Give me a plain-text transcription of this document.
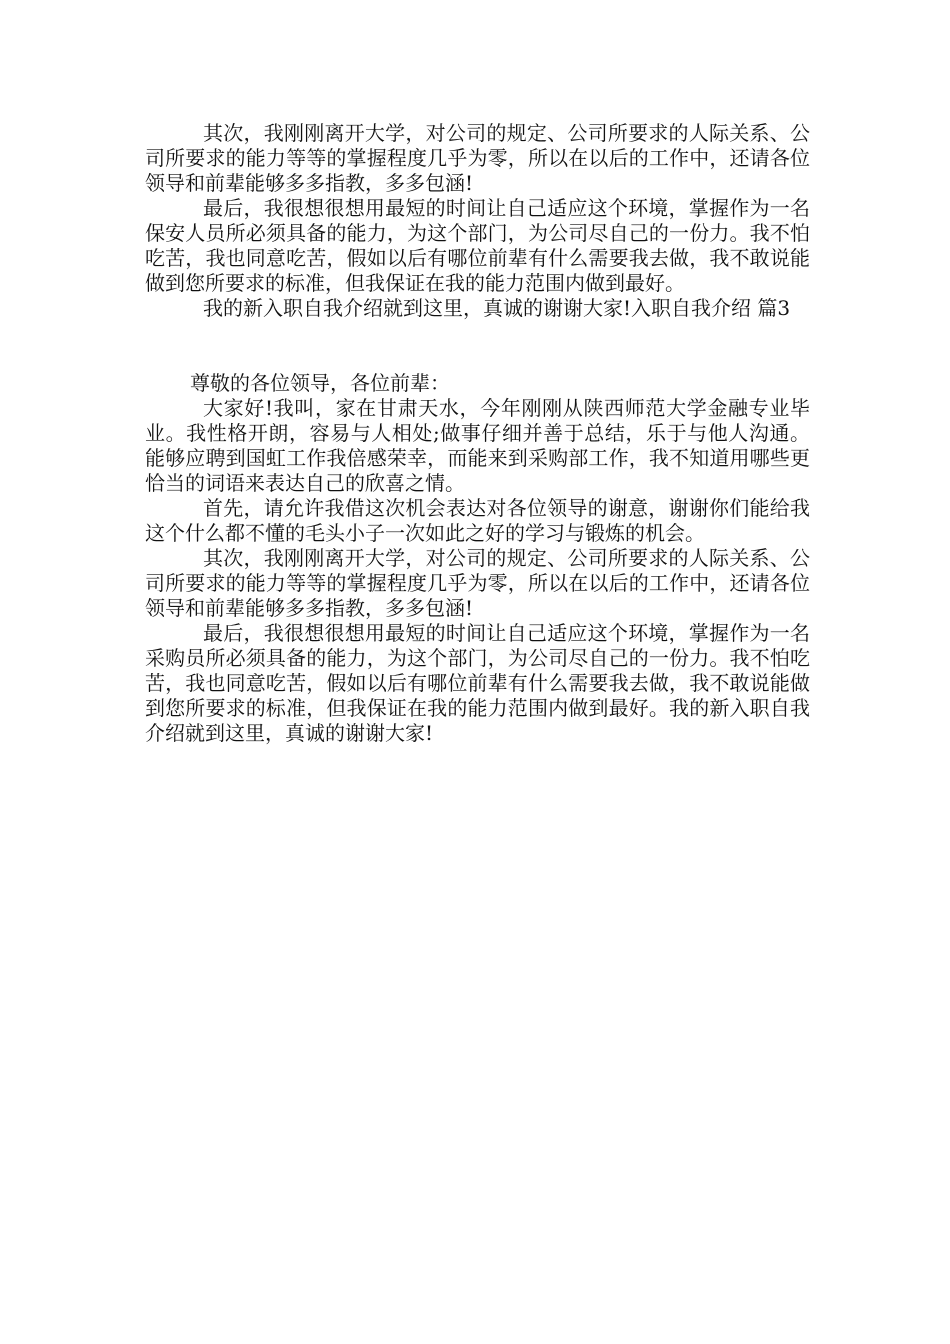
其次，我刚刚离开大学，对公司的规定、公司所要求的人际关系、公司所要求的能力等等的掌握程度几乎为零，所以在以后的工作中，还请各位领导和前辈能够多多指教，多多包涵!

最后，我很想很想用最短的时间让自己适应这个环境，掌握作为一名保安人员所必须具备的能力，为这个部门，为公司尽自己的一份力。我不怕吃苦，我也同意吃苦，假如以后有哪位前辈有什么需要我去做，我不敢说能做到您所要求的标准，但我保证在我的能力范围内做到最好。

我的新入职自我介绍就到这里，真诚的谢谢大家!入职自我介绍 篇3

尊敬的各位领导，各位前辈：

大家好!我叫，家在甘肃天水，今年刚刚从陕西师范大学金融专业毕业。我性格开朗，容易与人相处;做事仔细并善于总结，乐于与他人沟通。能够应聘到国虹工作我倍感荣幸，而能来到采购部工作，我不知道用哪些更恰当的词语来表达自己的欣喜之情。

首先，请允许我借这次机会表达对各位领导的谢意，谢谢你们能给我这个什么都不懂的毛头小子一次如此之好的学习与锻炼的机会。

其次，我刚刚离开大学，对公司的规定、公司所要求的人际关系、公司所要求的能力等等的掌握程度几乎为零，所以在以后的工作中，还请各位领导和前辈能够多多指教，多多包涵!

最后，我很想很想用最短的时间让自己适应这个环境，掌握作为一名采购员所必须具备的能力，为这个部门，为公司尽自己的一份力。我不怕吃苦，我也同意吃苦，假如以后有哪位前辈有什么需要我去做，我不敢说能做到您所要求的标准，但我保证在我的能力范围内做到最好。我的新入职自我介绍就到这里，真诚的谢谢大家!
